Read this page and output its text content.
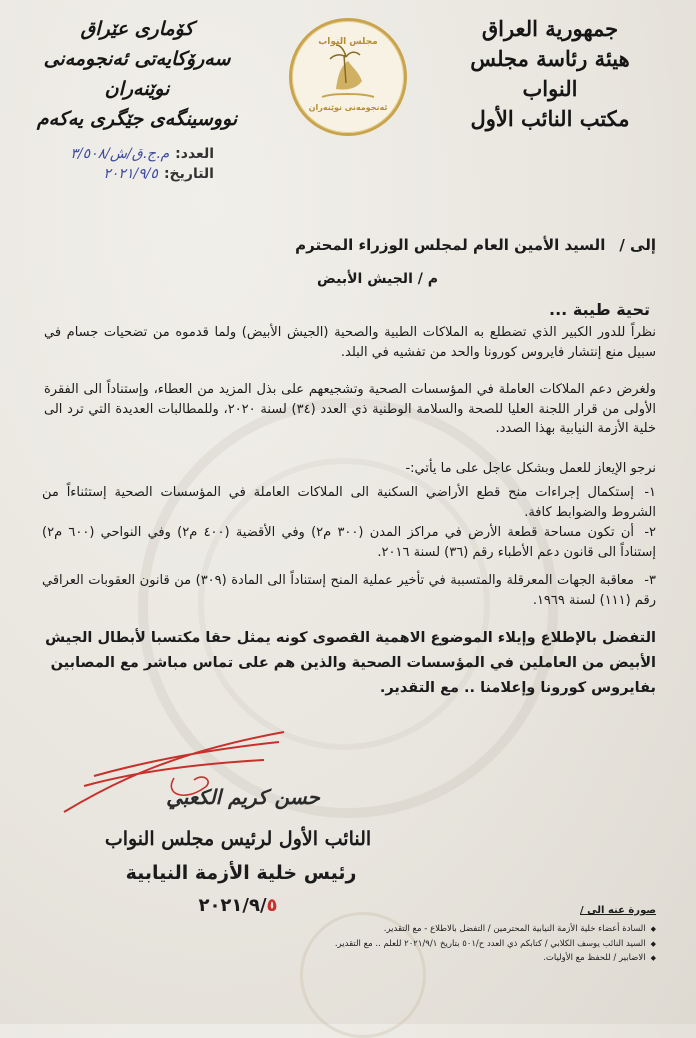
جمهورية العراق
هيئة رئاسة مجلس النواب
مكتب النائب الأول
كۆمارى عێراق
سەرۆكايەتى ئەنجومەنى نوێنەران
نووسينگەى جێگرى يەكەم
مجلس النواب
ئەنجومەنی نوێنەران
العدد:م.ج.ق/ش/٣/٥٠٨
التاريخ:٢٠٢١/٩/٥
إلى /السيد الأمين العام لمجلس الوزراء المحترم
م / الجيش الأبيض
تحية طيبة ...
نظراً للدور الكبير الذي تضطلع به الملاكات الطبية والصحية (الجيش الأبيض) ولما قدموه من تضحيات جسام في سبيل منع إنتشار فايروس كورونا والحد من تفشيه في البلد.
ولغرض دعم الملاكات العاملة في المؤسسات الصحية وتشجيعهم على بذل المزيد من العطاء، وإستناداً الى الفقرة الأولى من قرار اللجنة العليا للصحة والسلامة الوطنية ذي العدد (٣٤) لسنة ٢٠٢٠، وللمطالبات العديدة التي ترد الى خلية الأزمة النيابية بهذا الصدد.
نرجو الإيعاز للعمل وبشكل عاجل على ما يأتي:-
١-إستكمال إجراءات منح قطع الأراضي السكنية الى الملاكات العاملة في المؤسسات الصحية إستثناءاً من الشروط والضوابط كافة.
٢-أن تكون مساحة قطعة الأرض في مراكز المدن (٣٠٠ م٢) وفي الأقضية (٤٠٠ م٢) وفي النواحي (٦٠٠ م٢) إستناداً الى قانون دعم الأطباء رقم (٣٦) لسنة ٢٠١٦.
٣-معاقبة الجهات المعرقلة والمتسببة في تأخير عملية المنح إستناداً الى المادة (٣٠٩) من قانون العقوبات العراقي رقم (١١١) لسنة ١٩٦٩.
التفضل بالإطلاع وإيلاء الموضوع الاهمية القصوى كونه يمثل حقا مكتسبا لأبطال الجيش الأبيض من العاملين في المؤسسات الصحية والذين هم على تماس مباشر مع المصابين بفايروس كورونا وإعلامنا .. مع التقدير.
حسن كريم الكعبي
النائب الأول لرئيس مجلس النواب
رئيس خلية الأزمة النيابية
٢٠٢١/٩/٥	صورة عنه الى /
◆ السادة أعضاء خلية الأزمة النيابية المحترمين / التفضل بالاطلاع - مع التقدير.
◆ السيد النائب يوسف الكلابي / كتابكم ذي العدد ح/٥٠١ بتاريخ ٢٠٢١/٩/١ للعلم .. مع التقدير.
◆ الاضابير / للحفظ مع الأوليات.
